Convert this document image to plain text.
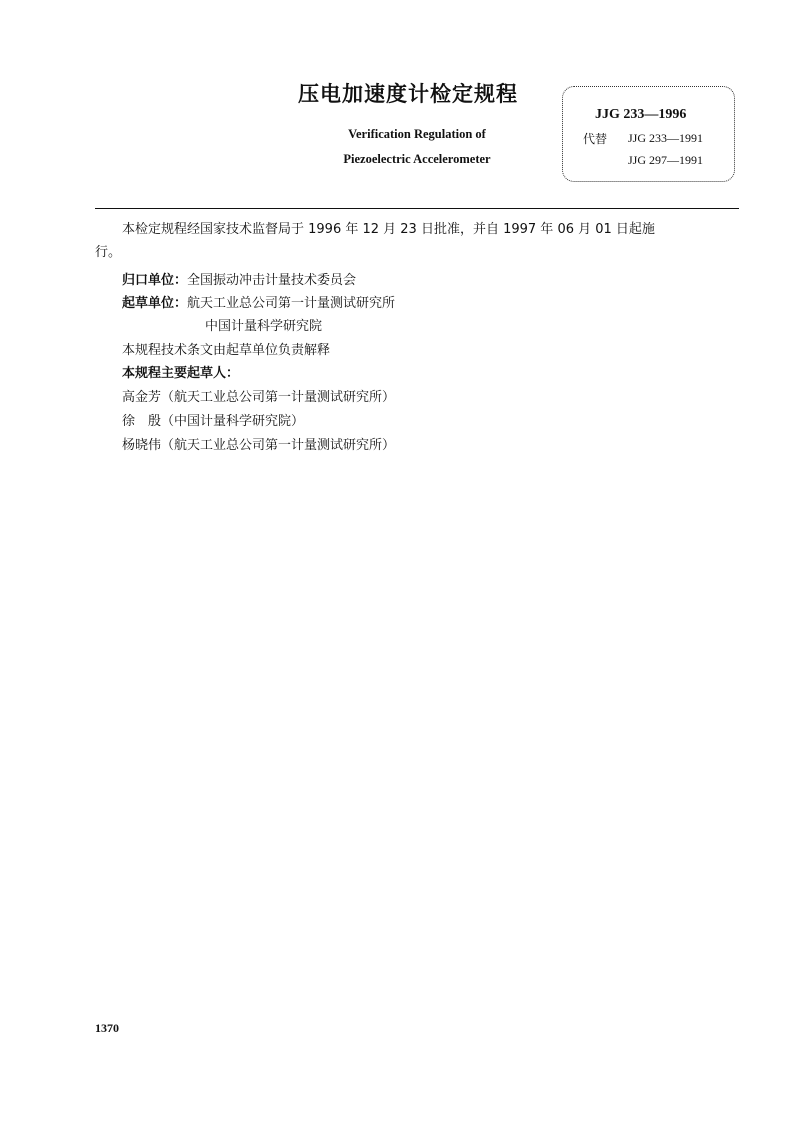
压电加速度计检定规程
Verification Regulation of
Piezoelectric Accelerometer
JJG 233—1996
代替 JJG 233—1991
JJG 297—1991
本检定规程经国家技术监督局于 1996 年 12 月 23 日批准，并自 1997 年 06 月 01 日起施
行。
归口单位：全国振动冲击计量技术委员会
起草单位：航天工业总公司第一计量测试研究所
中国计量科学研究院
本规程技术条文由起草单位负责解释
本规程主要起草人：
高金芳（航天工业总公司第一计量测试研究所）
徐　殷（中国计量科学研究院）
杨晓伟（航天工业总公司第一计量测试研究所）
1370
